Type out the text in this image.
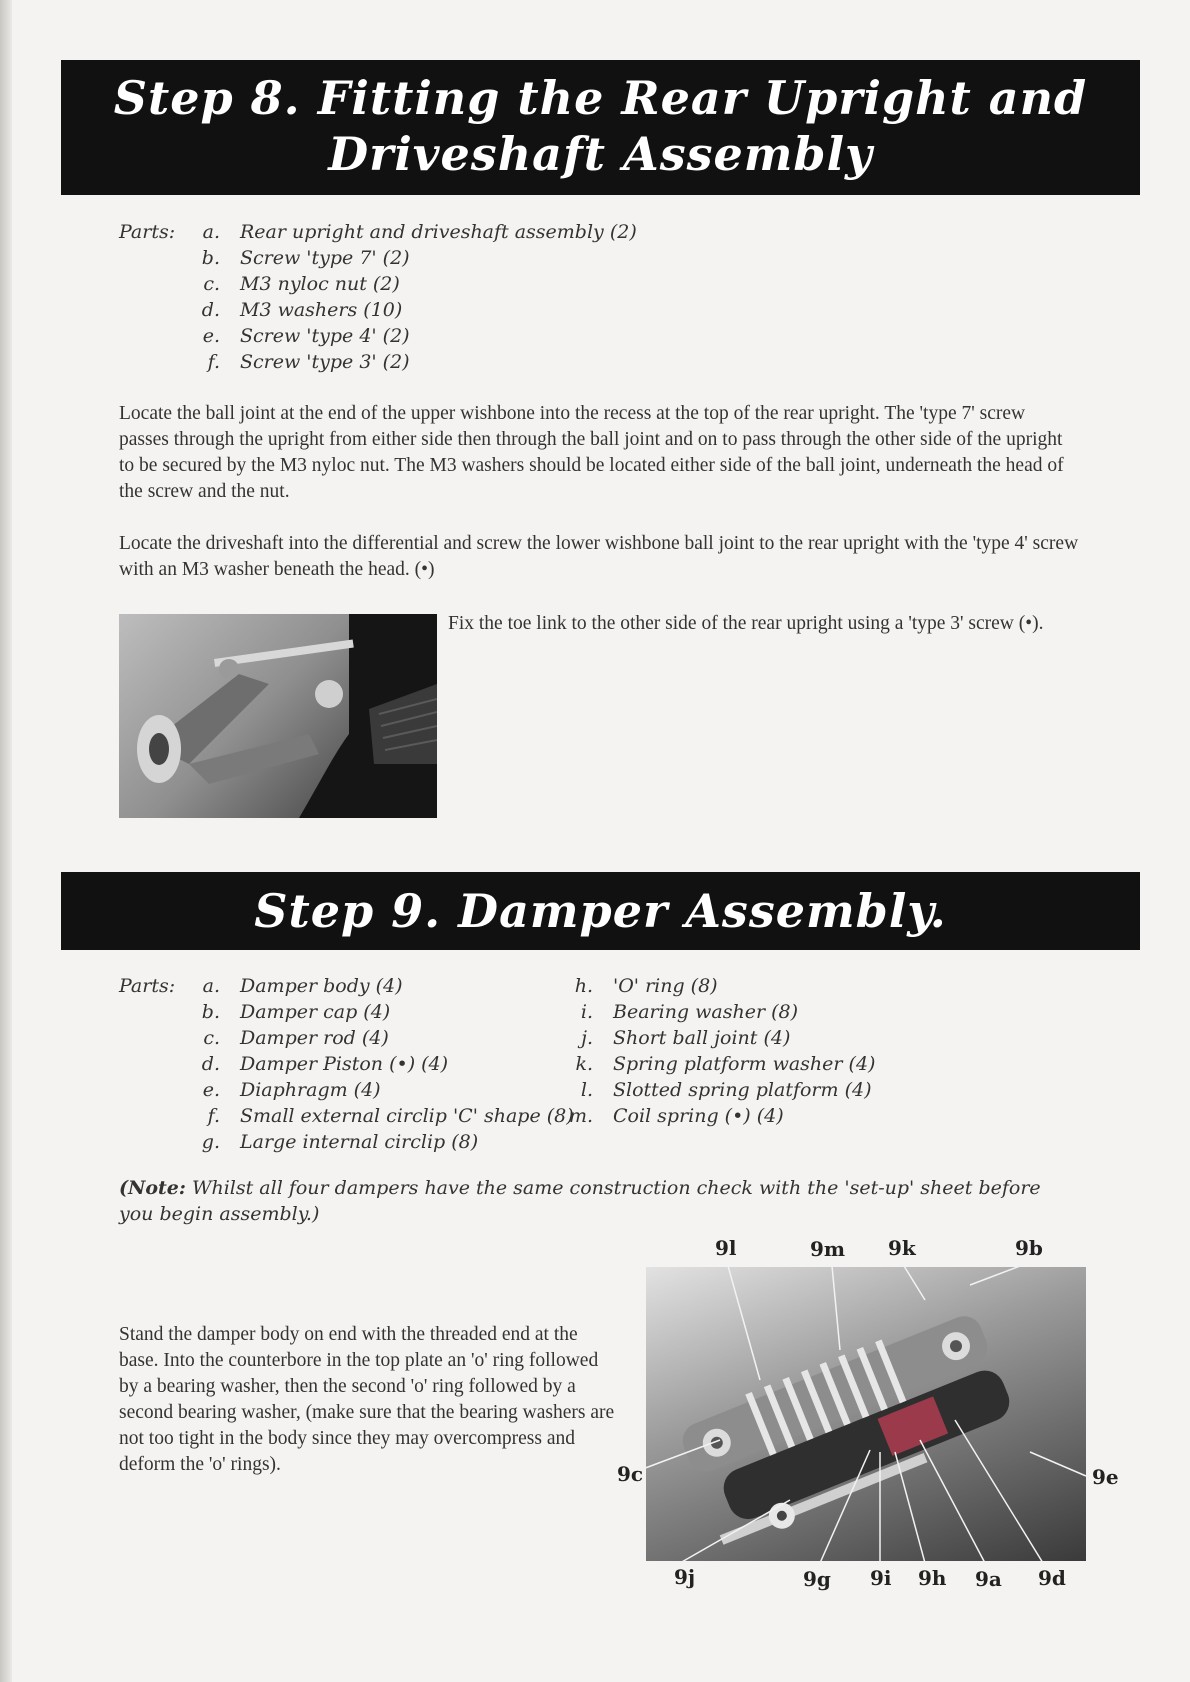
Step 8. Fitting the Rear Upright and
Driveshaft Assembly
Parts: a. Rear upright and driveshaft assembly (2)
b. Screw 'type 7' (2)
c. M3 nyloc nut (2)
d. M3 washers (10)
e. Screw 'type 4' (2)
f. Screw 'type 3' (2)
Locate the ball joint at the end of the upper wishbone into the recess at the top of the rear upright. The 'type 7' screw passes through the upright from either side then through the ball joint and on to pass through the other side of the upright to be secured by the M3 nyloc nut. The M3 washers should be located either side of the ball joint, underneath the head of the screw and the nut.
Locate the driveshaft into the differential and screw the lower wishbone ball joint to the rear upright with the 'type 4' screw with an M3 washer beneath the head. (•)
Fix the toe link to the other side of the rear upright using a 'type 3' screw (•).
Step 9. Damper Assembly.
Parts: a. Damper body (4)
b. Damper cap (4)
c. Damper rod (4)
d. Damper Piston (•) (4)
e. Diaphragm (4)
f. Small external circlip 'C' shape (8)
g. Large internal circlip (8)
h. 'O' ring (8)
i. Bearing washer (8)
j. Short ball joint (4)
k. Spring platform washer (4)
l. Slotted spring platform (4)
m. Coil spring (•) (4)
(Note: Whilst all four dampers have the same construction check with the 'set-up' sheet before you begin assembly.)
Stand the damper body on end with the threaded end at the base. Into the counterbore in the top plate an 'o' ring followed by a bearing washer, then the second 'o' ring followed by a second bearing washer, (make sure that the bearing washers are not too tight in the body since they may overcompress and deform the 'o' rings).
9l	9m 9k	9b
9c	9e
9j	9g 9i 9h 9a 9d
